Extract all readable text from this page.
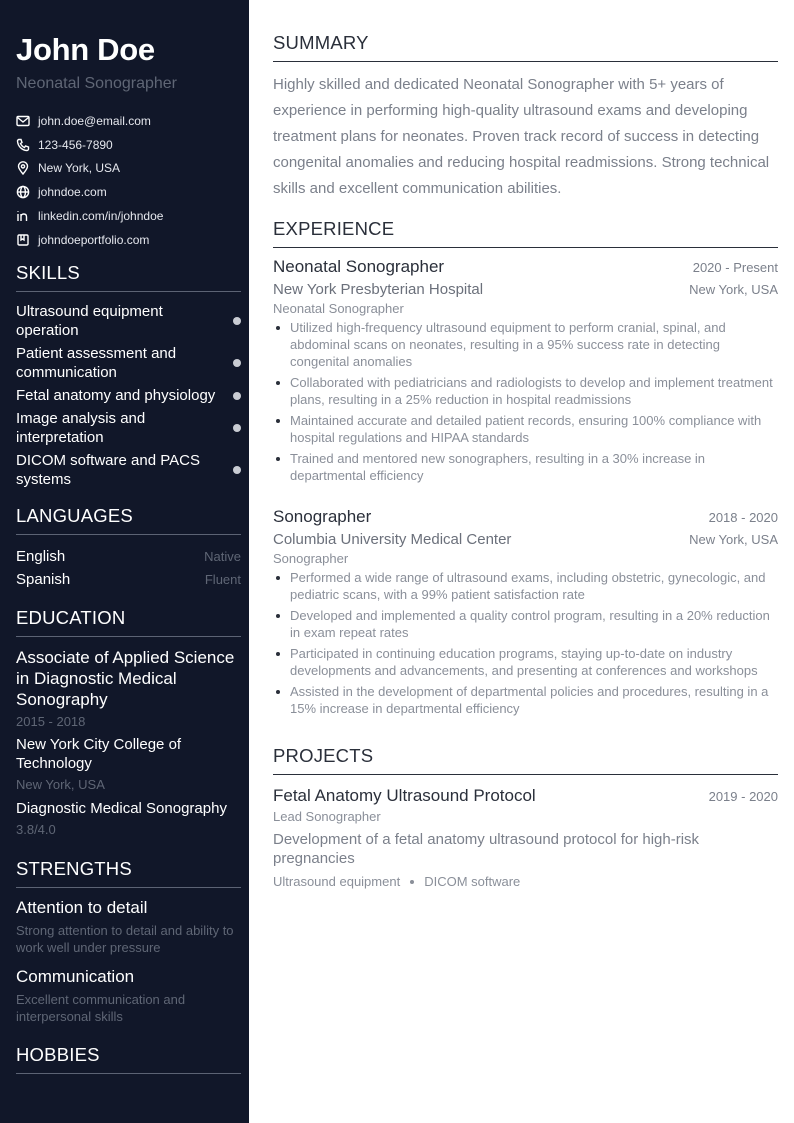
John Doe
Neonatal Sonographer
john.doe@email.com
123-456-7890
New York, USA
johndoe.com
linkedin.com/in/johndoe
johndoeportfolio.com
SKILLS
Ultrasound equipment operation
Patient assessment and communication
Fetal anatomy and physiology
Image analysis and interpretation
DICOM software and PACS systems
LANGUAGES
English	Native
Spanish	Fluent
EDUCATION
Associate of Applied Science in Diagnostic Medical Sonography
2015 - 2018
New York City College of Technology
New York, USA
Diagnostic Medical Sonography
3.8/4.0
STRENGTHS
Attention to detail
Strong attention to detail and ability to work well under pressure
Communication
Excellent communication and interpersonal skills
HOBBIES
SUMMARY
Highly skilled and dedicated Neonatal Sonographer with 5+ years of experience in performing high-quality ultrasound exams and developing treatment plans for neonates. Proven track record of success in detecting congenital anomalies and reducing hospital readmissions. Strong technical skills and excellent communication abilities.
EXPERIENCE
Neonatal Sonographer	2020 - Present
New York Presbyterian Hospital	New York, USA
Neonatal Sonographer
Utilized high-frequency ultrasound equipment to perform cranial, spinal, and abdominal scans on neonates, resulting in a 95% success rate in detecting congenital anomalies
Collaborated with pediatricians and radiologists to develop and implement treatment plans, resulting in a 25% reduction in hospital readmissions
Maintained accurate and detailed patient records, ensuring 100% compliance with hospital regulations and HIPAA standards
Trained and mentored new sonographers, resulting in a 30% increase in departmental efficiency
Sonographer	2018 - 2020
Columbia University Medical Center	New York, USA
Sonographer
Performed a wide range of ultrasound exams, including obstetric, gynecologic, and pediatric scans, with a 99% patient satisfaction rate
Developed and implemented a quality control program, resulting in a 20% reduction in exam repeat rates
Participated in continuing education programs, staying up-to-date on industry developments and advancements, and presenting at conferences and workshops
Assisted in the development of departmental policies and procedures, resulting in a 15% increase in departmental efficiency
PROJECTS
Fetal Anatomy Ultrasound Protocol	2019 - 2020
Lead Sonographer
Development of a fetal anatomy ultrasound protocol for high-risk pregnancies
Ultrasound equipment DICOM software
